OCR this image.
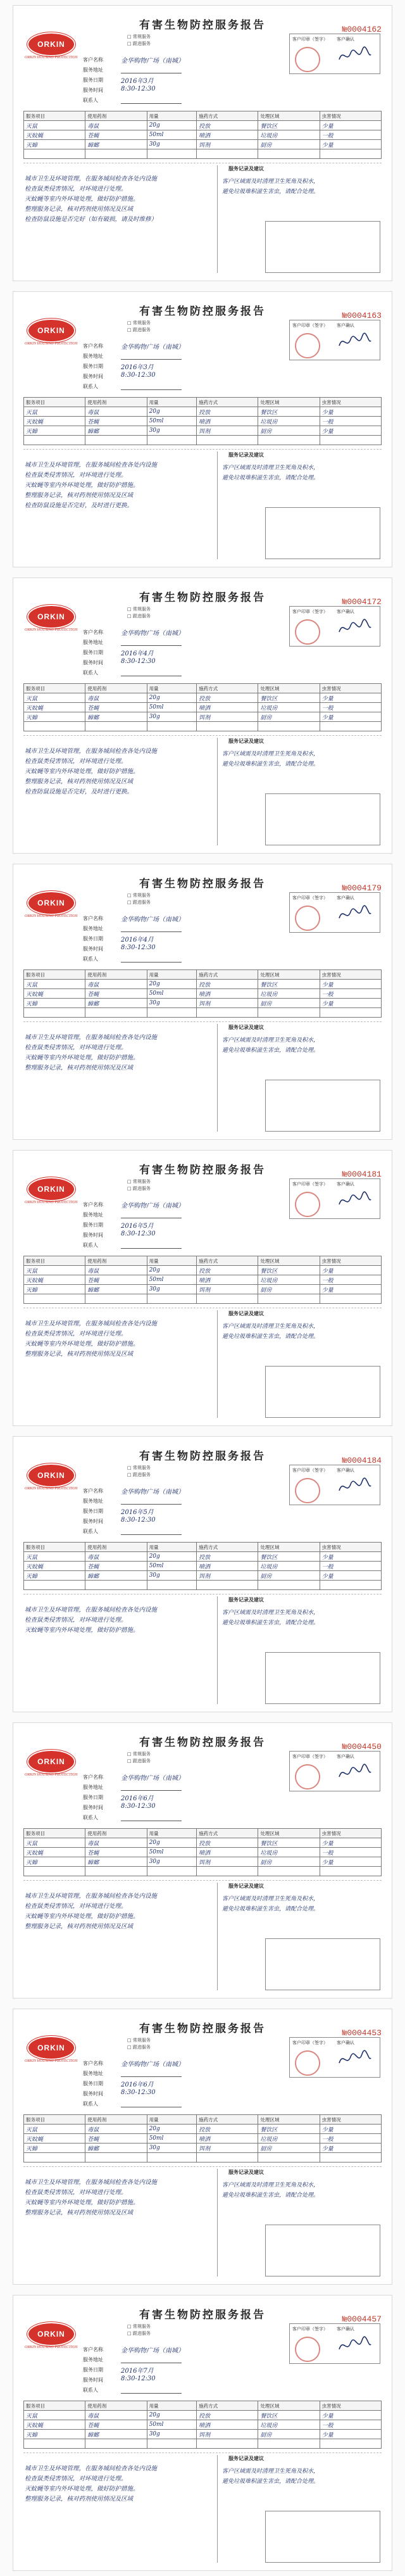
有害生物防控服务报告	№0004162
ORKIN
ORKIN HOUSING PROTECTION
□ 常规服务
□ 跟进服务
客户名称	金华购物广场（南城）
服务地址
服务日期	2016年3月
服务时间	8:30-12:30
联系人
客户印章（签字） 客户确认
服务项目	使用药剂	用量	施药方式	处理区域	虫害情况
灭鼠	毒鼠	20g	投放	餐饮区	少量
灭蚊蝇	苍蝇	50ml	喷洒	垃圾房	一般
灭蟑	蟑螂	30g	饵剂	厨房	少量

服务记录及建议
城市卫生及环境管理，在服务城间检查各处内设施
检查鼠类侵害情况，对环境进行处理。
灭蚊蝇等室内外环境处理，做好防护措施。
整理服务记录，核对药剂使用情况及区域
检查防鼠设施是否完好（如有破损，请及时维修）
客户区域需及时清理卫生死角及积水，
避免垃圾堆积滋生害虫，请配合处理。
有害生物防控服务报告	№0004163
ORKIN
ORKIN HOUSING PROTECTION
□ 常规服务
□ 跟进服务
客户名称	金华购物广场（南城）
服务地址
服务日期	2016年3月
服务时间	8:30-12:30
联系人
客户印章（签字） 客户确认
服务项目	使用药剂	用量	施药方式	处理区域	虫害情况
灭鼠	毒鼠	20g	投放	餐饮区	少量
灭蚊蝇	苍蝇	50ml	喷洒	垃圾房	一般
灭蟑	蟑螂	30g	饵剂	厨房	少量

服务记录及建议
城市卫生及环境管理，在服务城间检查各处内设施
检查鼠类侵害情况，对环境进行处理。
灭蚊蝇等室内外环境处理，做好防护措施。
整理服务记录，核对药剂使用情况及区域
检查防鼠设施是否完好，及时进行更换。
客户区域需及时清理卫生死角及积水，
避免垃圾堆积滋生害虫，请配合处理。
有害生物防控服务报告	№0004172
ORKIN
ORKIN HOUSING PROTECTION
□ 常规服务
□ 跟进服务
客户名称	金华购物广场（南城）
服务地址
服务日期	2016年4月
服务时间	8:30-12:30
联系人
客户印章（签字） 客户确认
服务项目	使用药剂	用量	施药方式	处理区域	虫害情况
灭鼠	毒鼠	20g	投放	餐饮区	少量
灭蚊蝇	苍蝇	50ml	喷洒	垃圾房	一般
灭蟑	蟑螂	30g	饵剂	厨房	少量

服务记录及建议
城市卫生及环境管理，在服务城间检查各处内设施
检查鼠类侵害情况，对环境进行处理。
灭蚊蝇等室内外环境处理，做好防护措施。
整理服务记录，核对药剂使用情况及区域
检查防鼠设施是否完好，及时进行更换。
客户区域需及时清理卫生死角及积水，
避免垃圾堆积滋生害虫，请配合处理。
有害生物防控服务报告	№0004179
ORKIN
ORKIN HOUSING PROTECTION
□ 常规服务
□ 跟进服务
客户名称	金华购物广场（南城）
服务地址
服务日期	2016年4月
服务时间	8:30-12:30
联系人
客户印章（签字） 客户确认
服务项目	使用药剂	用量	施药方式	处理区域	虫害情况
灭鼠	毒鼠	20g	投放	餐饮区	少量
灭蚊蝇	苍蝇	50ml	喷洒	垃圾房	一般
灭蟑	蟑螂	30g	饵剂	厨房	少量

服务记录及建议
城市卫生及环境管理，在服务城间检查各处内设施
检查鼠类侵害情况，对环境进行处理。
灭蚊蝇等室内外环境处理，做好防护措施。
整理服务记录，核对药剂使用情况及区域
客户区域需及时清理卫生死角及积水，
避免垃圾堆积滋生害虫，请配合处理。
有害生物防控服务报告	№0004181
ORKIN
ORKIN HOUSING PROTECTION
□ 常规服务
□ 跟进服务
客户名称	金华购物广场（南城）
服务地址
服务日期	2016年5月
服务时间	8:30-12:30
联系人
客户印章（签字） 客户确认
服务项目	使用药剂	用量	施药方式	处理区域	虫害情况
灭鼠	毒鼠	20g	投放	餐饮区	少量
灭蚊蝇	苍蝇	50ml	喷洒	垃圾房	一般
灭蟑	蟑螂	30g	饵剂	厨房	少量

服务记录及建议
城市卫生及环境管理，在服务城间检查各处内设施
检查鼠类侵害情况，对环境进行处理。
灭蚊蝇等室内外环境处理，做好防护措施。
整理服务记录，核对药剂使用情况及区域
客户区域需及时清理卫生死角及积水，
避免垃圾堆积滋生害虫，请配合处理。
有害生物防控服务报告	№0004184
ORKIN
ORKIN HOUSING PROTECTION
□ 常规服务
□ 跟进服务
客户名称	金华购物广场（南城）
服务地址
服务日期	2016年5月
服务时间	8:30-12:30
联系人
客户印章（签字） 客户确认
服务项目	使用药剂	用量	施药方式	处理区域	虫害情况
灭鼠	毒鼠	20g	投放	餐饮区	少量
灭蚊蝇	苍蝇	50ml	喷洒	垃圾房	一般
灭蟑	蟑螂	30g	饵剂	厨房	少量

服务记录及建议
城市卫生及环境管理，在服务城间检查各处内设施
检查鼠类侵害情况，对环境进行处理。
灭蚊蝇等室内外环境处理，做好防护措施。
客户区域需及时清理卫生死角及积水，
避免垃圾堆积滋生害虫，请配合处理。
有害生物防控服务报告	№0004450
ORKIN
ORKIN HOUSING PROTECTION
□ 常规服务
□ 跟进服务
客户名称	金华购物广场（南城）
服务地址
服务日期	2016年6月
服务时间	8:30-12:30
联系人
客户印章（签字） 客户确认
服务项目	使用药剂	用量	施药方式	处理区域	虫害情况
灭鼠	毒鼠	20g	投放	餐饮区	少量
灭蚊蝇	苍蝇	50ml	喷洒	垃圾房	一般
灭蟑	蟑螂	30g	饵剂	厨房	少量

服务记录及建议
城市卫生及环境管理，在服务城间检查各处内设施
检查鼠类侵害情况，对环境进行处理。
灭蚊蝇等室内外环境处理，做好防护措施。
整理服务记录，核对药剂使用情况及区域
客户区域需及时清理卫生死角及积水，
避免垃圾堆积滋生害虫，请配合处理。
有害生物防控服务报告	№0004453
ORKIN
ORKIN HOUSING PROTECTION
□ 常规服务
□ 跟进服务
客户名称	金华购物广场（南城）
服务地址
服务日期	2016年6月
服务时间	8:30-12:30
联系人
客户印章（签字） 客户确认
服务项目	使用药剂	用量	施药方式	处理区域	虫害情况
灭鼠	毒鼠	20g	投放	餐饮区	少量
灭蚊蝇	苍蝇	50ml	喷洒	垃圾房	一般
灭蟑	蟑螂	30g	饵剂	厨房	少量

服务记录及建议
城市卫生及环境管理，在服务城间检查各处内设施
检查鼠类侵害情况，对环境进行处理。
灭蚊蝇等室内外环境处理，做好防护措施。
整理服务记录，核对药剂使用情况及区域
客户区域需及时清理卫生死角及积水，
避免垃圾堆积滋生害虫，请配合处理。
有害生物防控服务报告	№0004457
ORKIN
ORKIN HOUSING PROTECTION
□ 常规服务
□ 跟进服务
客户名称	金华购物广场（南城）
服务地址
服务日期	2016年7月
服务时间	8:30-12:30
联系人
客户印章（签字） 客户确认
服务项目	使用药剂	用量	施药方式	处理区域	虫害情况
灭鼠	毒鼠	20g	投放	餐饮区	少量
灭蚊蝇	苍蝇	50ml	喷洒	垃圾房	一般
灭蟑	蟑螂	30g	饵剂	厨房	少量

服务记录及建议
城市卫生及环境管理，在服务城间检查各处内设施
检查鼠类侵害情况，对环境进行处理。
灭蚊蝇等室内外环境处理，做好防护措施。
整理服务记录，核对药剂使用情况及区域
客户区域需及时清理卫生死角及积水，
避免垃圾堆积滋生害虫，请配合处理。
